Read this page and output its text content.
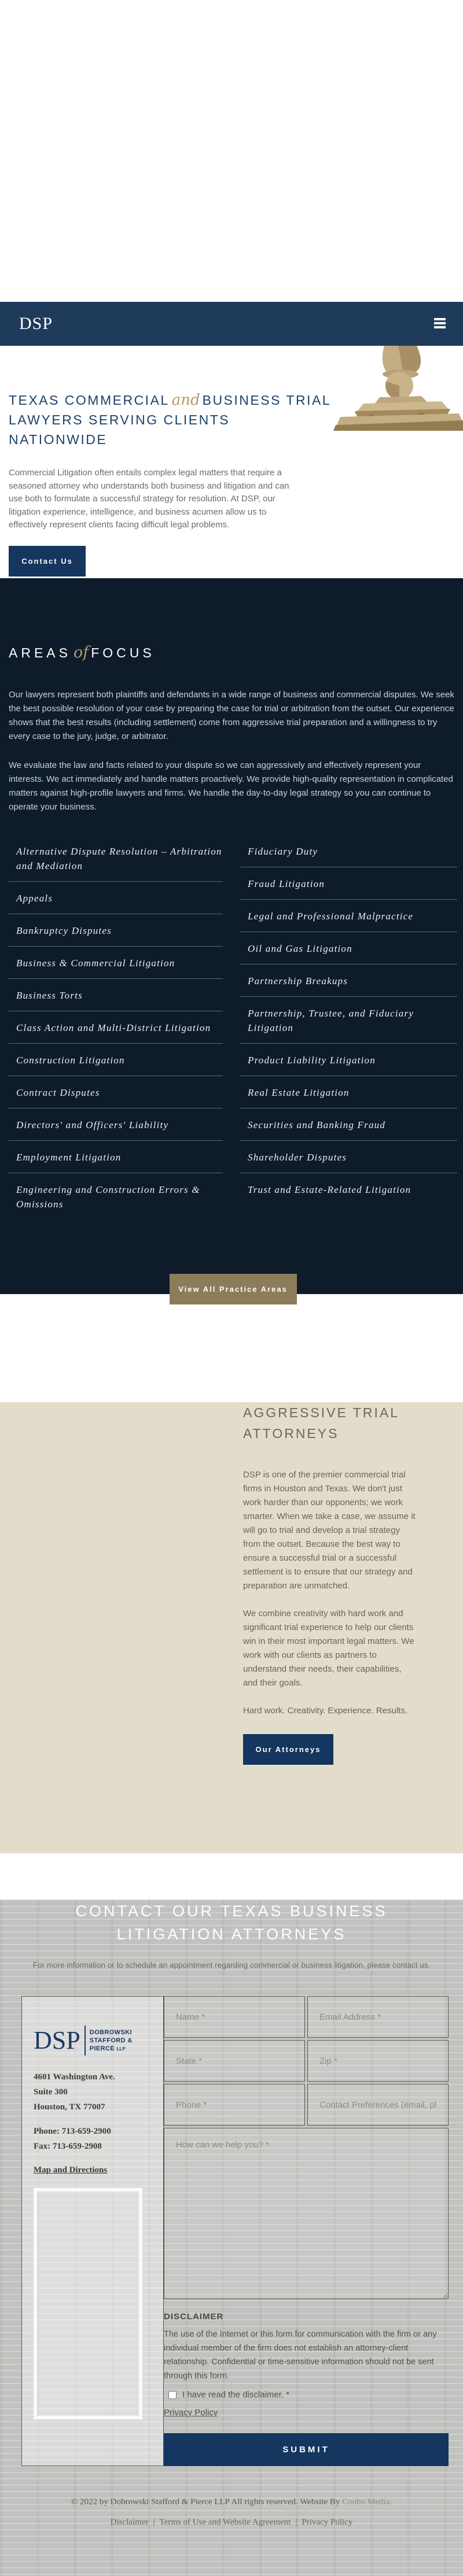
DSP
TEXAS COMMERCIAL and BUSINESS TRIAL LAWYERS SERVING CLIENTS NATIONWIDE

Commercial Litigation often entails complex legal matters that require a seasoned attorney who understands both business and litigation and can use both to formulate a successful strategy for resolution. At DSP, our litigation experience, intelligence, and business acumen allow us to effectively represent clients facing difficult legal problems.

Contact Us
AREAS of FOCUS

Our lawyers represent both plaintiffs and defendants in a wide range of business and commercial disputes. We seek the best possible resolution of your case by preparing the case for trial or arbitration from the outset. Our experience shows that the best results (including settlement) come from aggressive trial preparation and a willingness to try every case to the jury, judge, or arbitrator.

We evaluate the law and facts related to your dispute so we can aggressively and effectively represent your interests. We act immediately and handle matters proactively. We provide high-quality representation in complicated matters against high-profile lawyers and firms. We handle the day-to-day legal strategy so you can continue to operate your business.

Alternative Dispute Resolution – Arbitration and Mediation
Appeals
Bankruptcy Disputes
Business & Commercial Litigation
Business Torts
Class Action and Multi-District Litigation
Construction Litigation
Contract Disputes
Directors' and Officers' Liability
Employment Litigation
Engineering and Construction Errors & Omissions
Fiduciary Duty
Fraud Litigation
Legal and Professional Malpractice
Oil and Gas Litigation
Partnership Breakups
Partnership, Trustee, and Fiduciary Litigation
Product Liability Litigation
Real Estate Litigation
Securities and Banking Fraud
Shareholder Disputes
Trust and Estate-Related Litigation
View All Practice Areas
AGGRESSIVE TRIAL ATTORNEYS

DSP is one of the premier commercial trial firms in Houston and Texas. We don't just work harder than our opponents; we work smarter. When we take a case, we assume it will go to trial and develop a trial strategy from the outset. Because the best way to ensure a successful trial or a successful settlement is to ensure that our strategy and preparation are unmatched.

We combine creativity with hard work and significant trial experience to help our clients win in their most important legal matters. We work with our clients as partners to understand their needs, their capabilities, and their goals.

Hard work. Creativity. Experience. Results.

Our Attorneys
CONTACT OUR TEXAS BUSINESS LITIGATION ATTORNEYS

For more information or to schedule an appointment regarding commercial or business litigation, please contact us.

DSP DOBROWSKI
STAFFORD &
PIERCE LLP
4601 Washington Ave.
Suite 300
Houston, TX 77007
Phone: 713-659-2900
Fax: 713-659-2908
Map and Directions
Name *
Email Address *
State *
Zip *
Phone *
Contact Preferences (email, phone...)
How can we help you? *
DISCLAIMER

The use of the Internet or this form for communication with the firm or any individual member of the firm does not establish an attorney-client relationship. Confidential or time-sensitive information should not be sent through this form.

I have read the disclaimer. *
Privacy Policy
SUBMIT
© 2022 by Dobrowski Stafford & Pierce LLP All rights reserved. Website By Coobo Media.
Disclaimer | Terms of Use and Website Agreement | Privacy Policy
